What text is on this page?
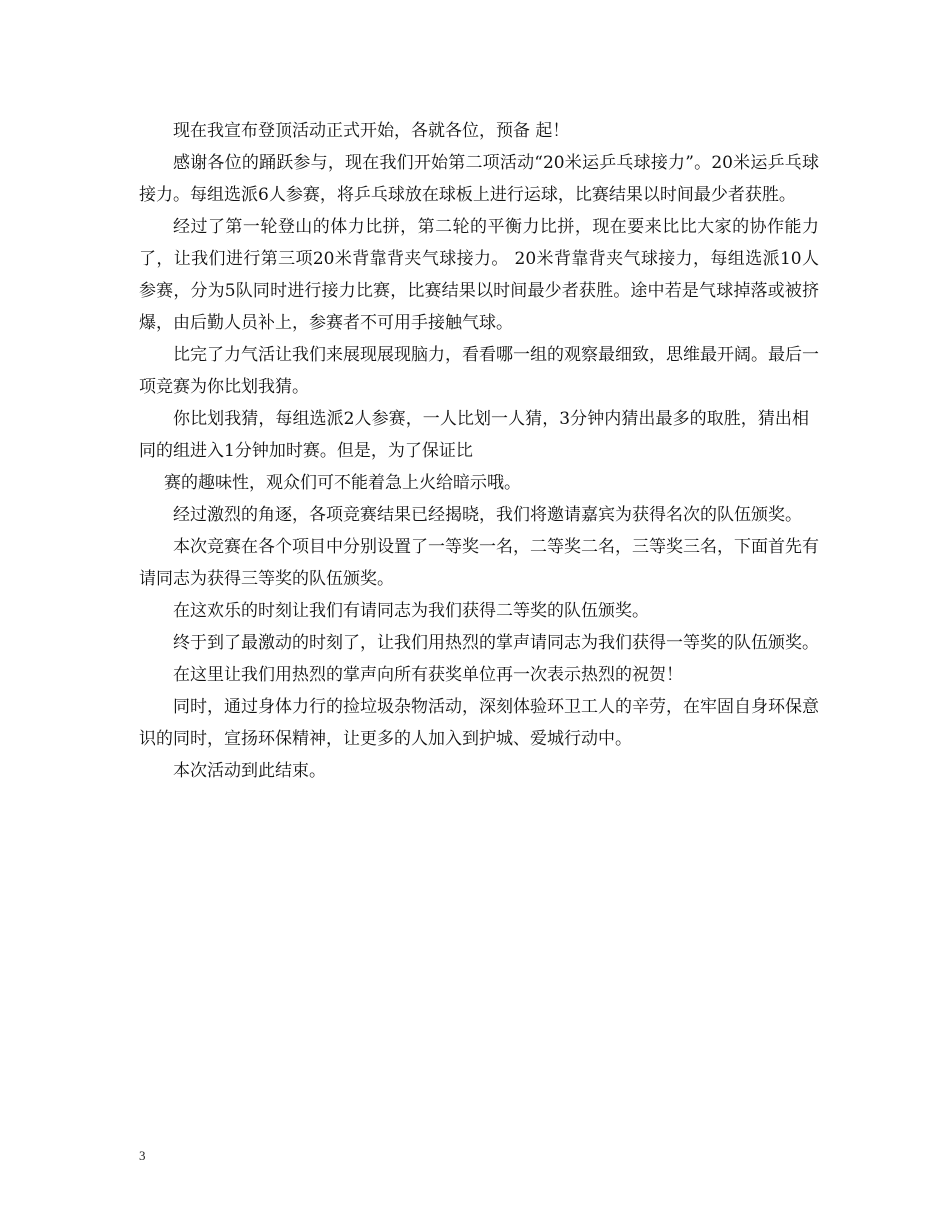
现在我宣布登顶活动正式开始，各就各位，预备 起！

感谢各位的踊跃参与，现在我们开始第二项活动“20米运乒乓球接力”。20米运乒乓球接力。每组选派6人参赛，将乒乓球放在球板上进行运球，比赛结果以时间最少者获胜。

经过了第一轮登山的体力比拼，第二轮的平衡力比拼，现在要来比比大家的协作能力了，让我们进行第三项20米背靠背夹气球接力。 20米背靠背夹气球接力，每组选派10人参赛，分为5队同时进行接力比赛，比赛结果以时间最少者获胜。途中若是气球掉落或被挤爆，由后勤人员补上，参赛者不可用手接触气球。

比完了力气活让我们来展现展现脑力，看看哪一组的观察最细致，思维最开阔。最后一项竞赛为你比划我猜。

你比划我猜，每组选派2人参赛，一人比划一人猜，3分钟内猜出最多的取胜，猜出相同的组进入1分钟加时赛。但是，为了保证比

赛的趣味性，观众们可不能着急上火给暗示哦。

经过激烈的角逐，各项竞赛结果已经揭晓，我们将邀请嘉宾为获得名次的队伍颁奖。

本次竞赛在各个项目中分别设置了一等奖一名，二等奖二名，三等奖三名，下面首先有请同志为获得三等奖的队伍颁奖。

在这欢乐的时刻让我们有请同志为我们获得二等奖的队伍颁奖。

终于到了最激动的时刻了，让我们用热烈的掌声请同志为我们获得一等奖的队伍颁奖。

在这里让我们用热烈的掌声向所有获奖单位再一次表示热烈的祝贺！

同时，通过身体力行的捡垃圾杂物活动，深刻体验环卫工人的辛劳，在牢固自身环保意识的同时，宣扬环保精神，让更多的人加入到护城、爱城行动中。

本次活动到此结束。

3
